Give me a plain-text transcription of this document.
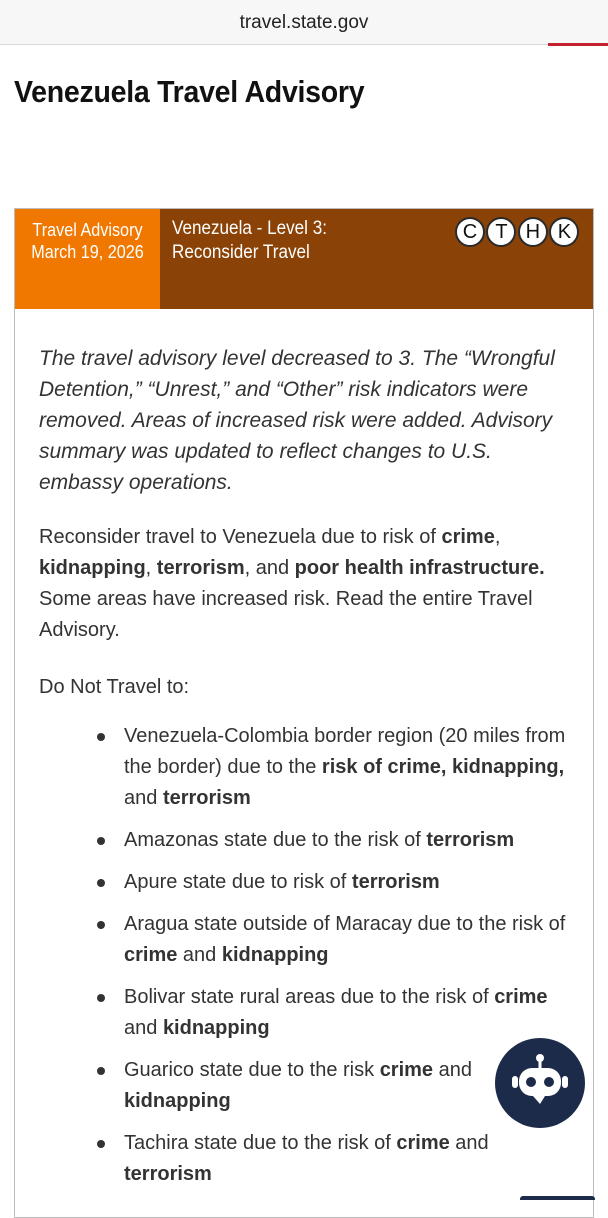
travel.state.gov
Venezuela Travel Advisory
Travel Advisory
March 19, 2026
Venezuela - Level 3:
Reconsider Travel
C T H K

The travel advisory level decreased to 3. The “Wrongful Detention,” “Unrest,” and “Other” risk indicators were removed. Areas of increased risk were added. Advisory summary was updated to reflect changes to U.S. embassy operations.

Reconsider travel to Venezuela due to risk of crime, kidnapping, terrorism, and poor health infrastructure. Some areas have increased risk. Read the entire Travel Advisory.

Do Not Travel to:

Venezuela-Colombia border region (20 miles from the border) due to the risk of crime, kidnapping, and terrorism
Amazonas state due to the risk of terrorism
Apure state due to risk of terrorism
Aragua state outside of Maracay due to the risk of crime and kidnapping
Bolivar state rural areas due to the risk of crime and kidnapping
Guarico state due to the risk crime and kidnapping
Tachira state due to the risk of crime and terrorism
